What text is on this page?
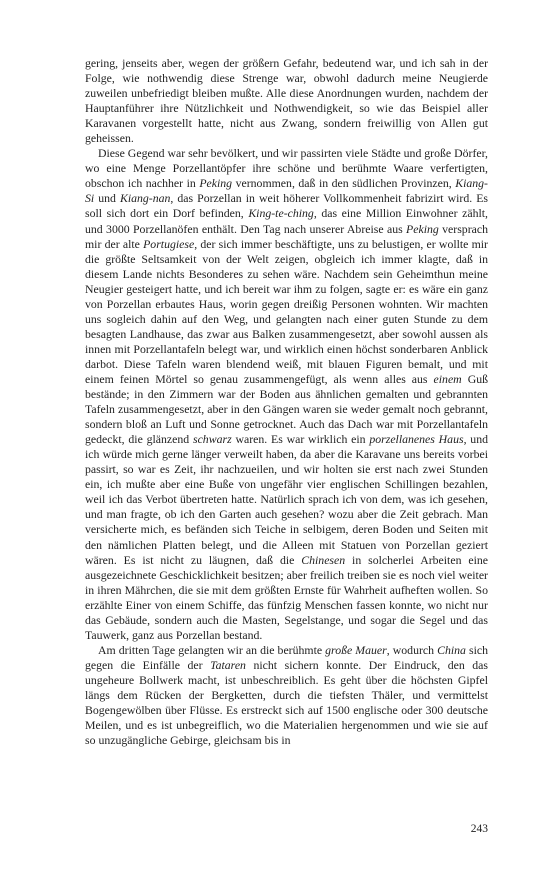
gering, jenseits aber, wegen der größern Gefahr, bedeutend war, und ich sah in der Folge, wie nothwendig diese Strenge war, obwohl dadurch meine Neugierde zuweilen unbefriedigt bleiben mußte. Alle diese Anordnungen wurden, nachdem der Hauptanführer ihre Nützlichkeit und Nothwendigkeit, so wie das Beispiel aller Karavanen vorgestellt hatte, nicht aus Zwang, sondern freiwillig von Allen gut geheissen.

Diese Gegend war sehr bevölkert, und wir passirten viele Städte und große Dörfer, wo eine Menge Porzellantöpfer ihre schöne und berühmte Waare verfertigten, obschon ich nachher in Peking vernommen, daß in den südlichen Provinzen, Kiang-Si und Kiang-nan, das Porzellan in weit höherer Vollkommenheit fabrizirt wird. Es soll sich dort ein Dorf befinden, King-te-ching, das eine Million Einwohner zählt, und 3000 Porzellanöfen enthält. Den Tag nach unserer Abreise aus Peking versprach mir der alte Portugiese, der sich immer beschäftigte, uns zu belustigen, er wollte mir die größte Seltsamkeit von der Welt zeigen, obgleich ich immer klagte, daß in diesem Lande nichts Besonderes zu sehen wäre. Nachdem sein Geheimthun meine Neugier gesteigert hatte, und ich bereit war ihm zu folgen, sagte er: es wäre ein ganz von Porzellan erbautes Haus, worin gegen dreißig Personen wohnten. Wir machten uns sogleich dahin auf den Weg, und gelangten nach einer guten Stunde zu dem besagten Landhause, das zwar aus Balken zusammengesetzt, aber sowohl aussen als innen mit Porzellantafeln belegt war, und wirklich einen höchst sonderbaren Anblick darbot. Diese Tafeln waren blendend weiß, mit blauen Figuren bemalt, und mit einem feinen Mörtel so genau zusammengefügt, als wenn alles aus einem Guß bestände; in den Zimmern war der Boden aus ähnlichen gemalten und gebrannten Tafeln zusammengesetzt, aber in den Gängen waren sie weder gemalt noch gebrannt, sondern bloß an Luft und Sonne getrocknet. Auch das Dach war mit Porzellantafeln gedeckt, die glänzend schwarz waren. Es war wirklich ein porzellanenes Haus, und ich würde mich gerne länger verweilt haben, da aber die Karavane uns bereits vorbei passirt, so war es Zeit, ihr nachzueilen, und wir holten sie erst nach zwei Stunden ein, ich mußte aber eine Buße von ungefähr vier englischen Schillingen bezahlen, weil ich das Verbot übertreten hatte. Natürlich sprach ich von dem, was ich gesehen, und man fragte, ob ich den Garten auch gesehen? wozu aber die Zeit gebrach. Man versicherte mich, es befänden sich Teiche in selbigem, deren Boden und Seiten mit den nämlichen Platten belegt, und die Alleen mit Statuen von Porzellan geziert wären. Es ist nicht zu läugnen, daß die Chinesen in solcherlei Arbeiten eine ausgezeichnete Geschicklichkeit besitzen; aber freilich treiben sie es noch viel weiter in ihren Mährchen, die sie mit dem größten Ernste für Wahrheit aufheften wollen. So erzählte Einer von einem Schiffe, das fünfzig Menschen fassen konnte, wo nicht nur das Gebäude, sondern auch die Masten, Segelstange, und sogar die Segel und das Tauwerk, ganz aus Porzellan bestand.

Am dritten Tage gelangten wir an die berühmte große Mauer, wodurch China sich gegen die Einfälle der Tataren nicht sichern konnte. Der Eindruck, den das ungeheure Bollwerk macht, ist unbeschreiblich. Es geht über die höchsten Gipfel längs dem Rücken der Bergketten, durch die tiefsten Thäler, und vermittelst Bogengewölben über Flüsse. Es erstreckt sich auf 1500 englische oder 300 deutsche Meilen, und es ist unbegreiflich, wo die Materialien hergenommen und wie sie auf so unzugängliche Gebirge, gleichsam bis in

243
